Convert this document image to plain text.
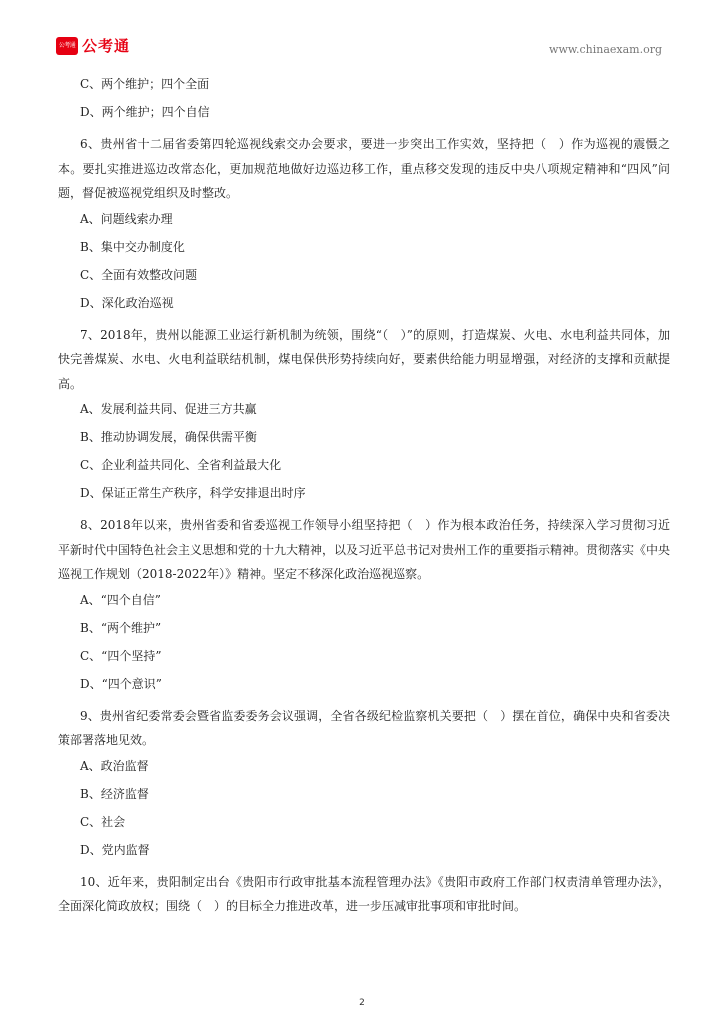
公考通 公考通	www.chinaexam.org

C、两个维护；四个全面

D、两个维护；四个自信

6、贵州省十二届省委第四轮巡视线索交办会要求，要进一步突出工作实效，坚持把（　）作为巡视的震慑之本。要扎实推进巡边改常态化，更加规范地做好边巡边移工作，重点移交发现的违反中央八项规定精神和“四风”问题，督促被巡视党组织及时整改。

A、问题线索办理

B、集中交办制度化

C、全面有效整改问题

D、深化政治巡视

7、2018年，贵州以能源工业运行新机制为统领，围绕“（　）”的原则，打造煤炭、火电、水电利益共同体，加快完善煤炭、水电、火电利益联结机制，煤电保供形势持续向好，要素供给能力明显增强，对经济的支撑和贡献提高。

A、发展利益共同、促进三方共赢

B、推动协调发展，确保供需平衡

C、企业利益共同化、全省利益最大化

D、保证正常生产秩序，科学安排退出时序

8、2018年以来，贵州省委和省委巡视工作领导小组坚持把（　）作为根本政治任务，持续深入学习贯彻习近平新时代中国特色社会主义思想和党的十九大精神，以及习近平总书记对贵州工作的重要指示精神。贯彻落实《中央巡视工作规划（2018-2022年）》精神。坚定不移深化政治巡视巡察。

A、“四个自信”

B、“两个维护”

C、“四个坚持”

D、“四个意识”

9、贵州省纪委常委会暨省监委委务会议强调，全省各级纪检监察机关要把（　）摆在首位，确保中央和省委决策部署落地见效。

A、政治监督

B、经济监督

C、社会

D、党内监督

10、近年来，贵阳制定出台《贵阳市行政审批基本流程管理办法》《贵阳市政府工作部门权责清单管理办法》，全面深化简政放权；围绕（　）的目标全力推进改革，进一步压减审批事项和审批时间。

2
